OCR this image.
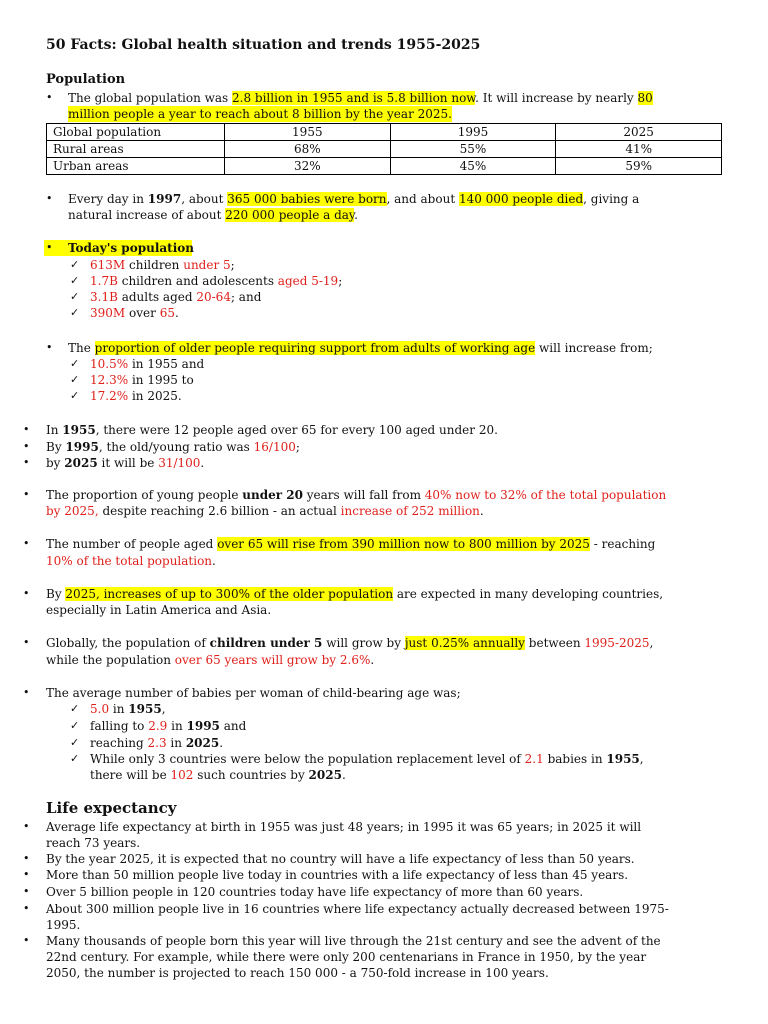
50 Facts: Global health situation and trends 1955-2025
Population
• The global population was 2.8 billion in 1955 and is 5.8 billion now. It will increase by nearly 80
million people a year to reach about 8 billion by the year 2025.
Global population	1955	1995	2025
Rural areas	68%	55%	41%
Urban areas	32%	45%	59%
• Every day in 1997, about 365 000 babies were born, and about 140 000 people died, giving a
natural increase of about 220 000 people a day.
• Today's population
✓ 613M children under 5;
✓ 1.7B children and adolescents aged 5-19;
✓ 3.1B adults aged 20-64; and
✓ 390M over 65.
• The proportion of older people requiring support from adults of working age will increase from;
✓ 10.5% in 1955 and
✓ 12.3% in 1995 to
✓ 17.2% in 2025.
• In 1955, there were 12 people aged over 65 for every 100 aged under 20.
• By 1995, the old/young ratio was 16/100;
• by 2025 it will be 31/100.
• The proportion of young people under 20 years will fall from 40% now to 32% of the total population
by 2025, despite reaching 2.6 billion - an actual increase of 252 million.
• The number of people aged over 65 will rise from 390 million now to 800 million by 2025 - reaching
10% of the total population.
• By 2025, increases of up to 300% of the older population are expected in many developing countries,
especially in Latin America and Asia.
• Globally, the population of children under 5 will grow by just 0.25% annually between 1995-2025,
while the population over 65 years will grow by 2.6%.
• The average number of babies per woman of child-bearing age was;
✓ 5.0 in 1955,
✓ falling to 2.9 in 1995 and
✓ reaching 2.3 in 2025.
✓ While only 3 countries were below the population replacement level of 2.1 babies in 1955,
there will be 102 such countries by 2025.
Life expectancy
• Average life expectancy at birth in 1955 was just 48 years; in 1995 it was 65 years; in 2025 it will
reach 73 years.
• By the year 2025, it is expected that no country will have a life expectancy of less than 50 years.
• More than 50 million people live today in countries with a life expectancy of less than 45 years.
• Over 5 billion people in 120 countries today have life expectancy of more than 60 years.
• About 300 million people live in 16 countries where life expectancy actually decreased between 1975-
1995.
• Many thousands of people born this year will live through the 21st century and see the advent of the
22nd century. For example, while there were only 200 centenarians in France in 1950, by the year
2050, the number is projected to reach 150 000 - a 750-fold increase in 100 years.
